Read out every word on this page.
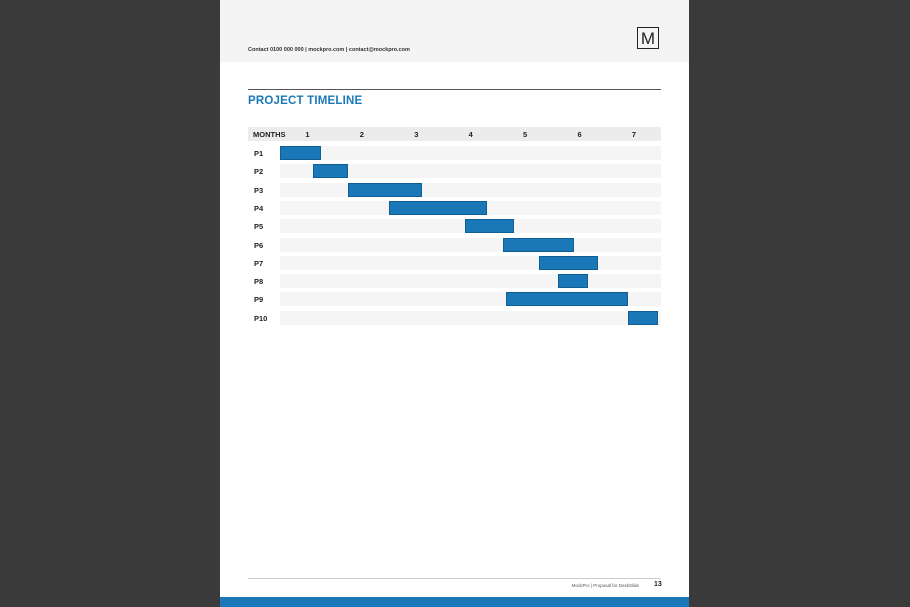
Contact 0100 000 000 | mockpro.com | contact@mockpro.com
M
PROJECT TIMELINE
MONTHS	1	2	3	4	5	6	7
P1
P2
P3
P4
P5
P6
P7
P8
P9
P10
MockPro | Proposal for DeskSlide 13
